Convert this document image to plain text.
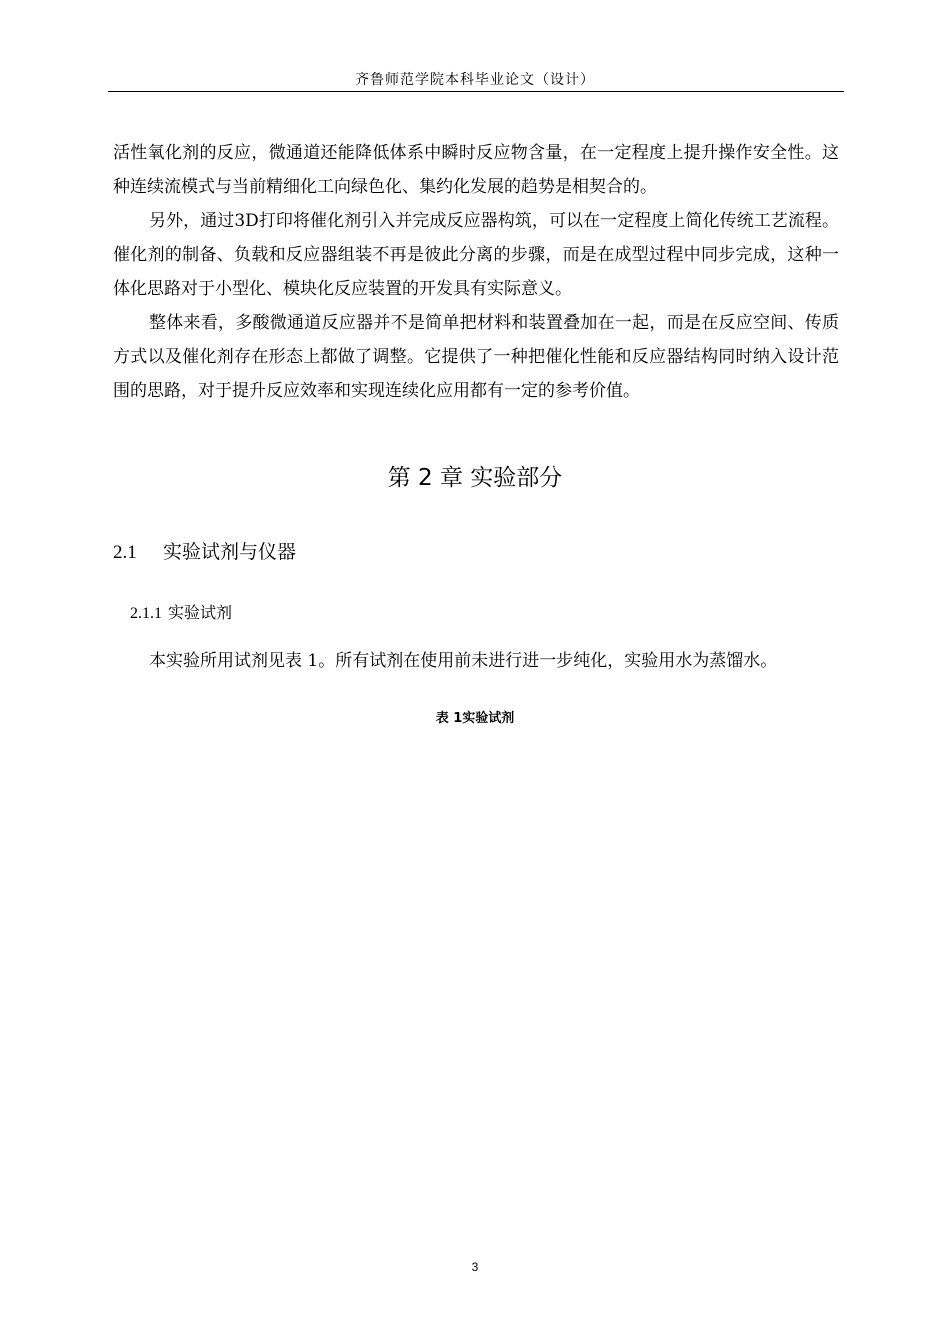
齐鲁师范学院本科毕业论文（设计）

活性氧化剂的反应，微通道还能降低体系中瞬时反应物含量，在一定程度上提升操作安全性。这种连续流模式与当前精细化工向绿色化、集约化发展的趋势是相契合的。

另外，通过3D打印将催化剂引入并完成反应器构筑，可以在一定程度上简化传统工艺流程。催化剂的制备、负载和反应器组装不再是彼此分离的步骤，而是在成型过程中同步完成，这种一体化思路对于小型化、模块化反应装置的开发具有实际意义。

整体来看，多酸微通道反应器并不是简单把材料和装置叠加在一起，而是在反应空间、传质方式以及催化剂存在形态上都做了调整。它提供了一种把催化性能和反应器结构同时纳入设计范围的思路，对于提升反应效率和实现连续化应用都有一定的参考价值。

第 2 章 实验部分
2.1 实验试剂与仪器
2.1.1 实验试剂

本实验所用试剂见表 1。所有试剂在使用前未进行进一步纯化，实验用水为蒸馏水。

表 1实验试剂
3
